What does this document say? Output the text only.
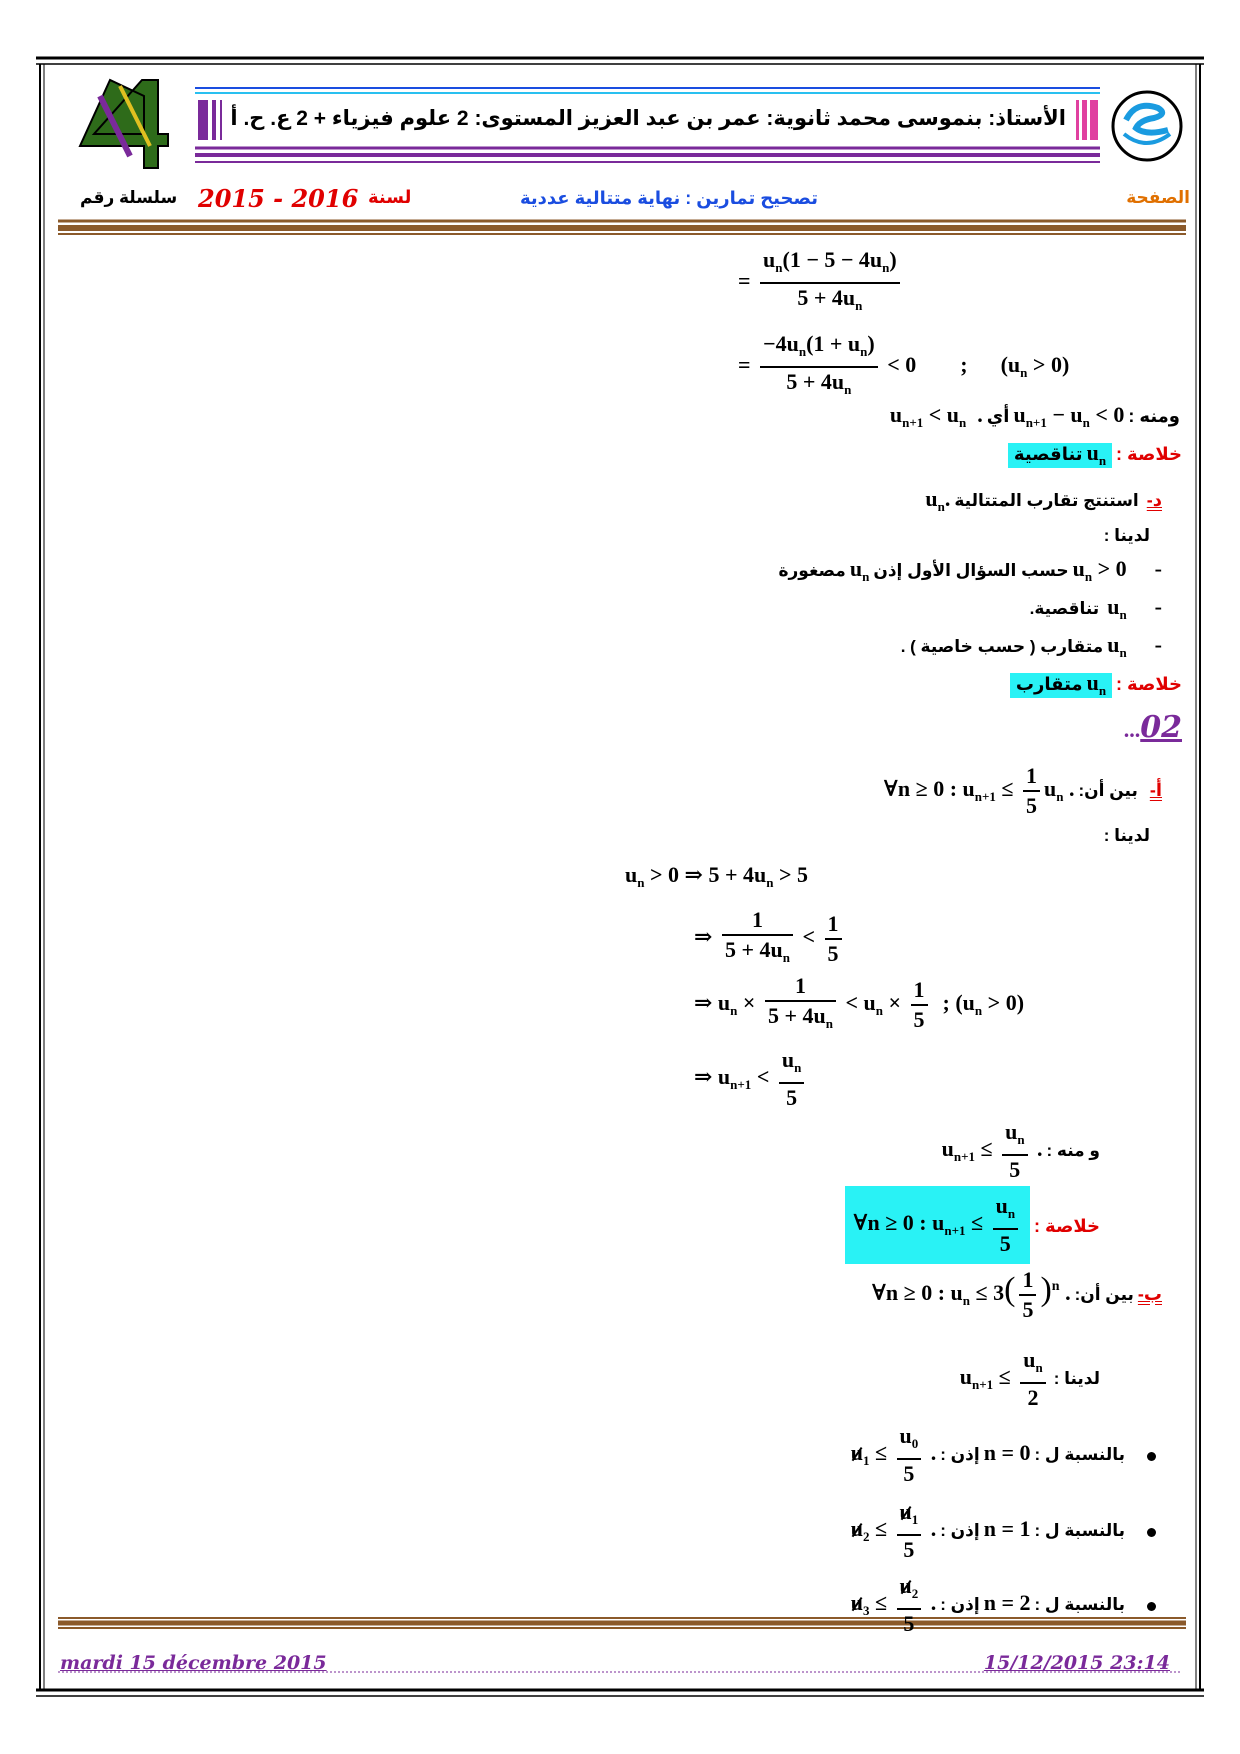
الأستاذ: بنموسى محمد ثانوية: عمر بن عبد العزيز المستوى: 2 علوم فيزياء + 2 ع. ح. أ
الصفحة
تصحيح تمارين : نهاية متتالية عددية
لسنة
2015 - 2016
سلسلة رقم
= $\frac{u_n(1 - 5 - 4u_n)}{5 + 4u_n}$
= $\frac{-4u_n(1 + u_n)}{5 + 4u_n} < 0$        ;      $(u_n > 0)$
ومنه : $u_{n+1} - u_n < 0$ أي $u_{n+1} < u_n$  .
خلاصة : $u_n$ تناقصية
د-  استنتج تقارب المتتالية $u_n$.
لدينا :
-       $u_n > 0$ حسب السؤال الأول إذن $u_n$ مصغورة
-       $u_n$  تناقصية.
-       $u_n$ متقارب ( حسب خاصية ) .
خلاصة : $u_n$ متقارب
...02
أ-   بين أن: ∀n ≥ 0 : $u_{n+1} \le \frac{1}{5} u_n$ .
لدينا :
$u_n > 0$ ⇒ $5 + 4u_n > 5$
⇒ $\frac{1}{5 + 4u_n} < \frac{1}{5}$
⇒ $u_n \times \frac{1}{5 + 4u_n} < u_n \times \frac{1}{5}$ ; $(u_n > 0)$
⇒ $u_{n+1} < \frac{u_n}{5}$
و منه : $u_{n+1} \le \frac{u_n}{5}$ .
خلاصة : ∀n ≥ 0 : $u_{n+1} \le \frac{u_n}{5}$
ب- بين أن: ∀n ≥ 0 : $u_n \le 3( \frac{1}{5} )^n$ .
لدينا : $u_{n+1} \le \frac{u_n}{2}$
بالنسبة ل : n = 0 إذن : $u_1 \le \frac{u_0}{5}$ .
بالنسبة ل : n = 1 إذن : $u_2 \le \frac{u_1}{5}$ .
بالنسبة ل : n = 2 إذن : $u_3 \le \frac{u_2}{5}$ .
mardi 15 décembre 2015	15/12/2015 23:14
